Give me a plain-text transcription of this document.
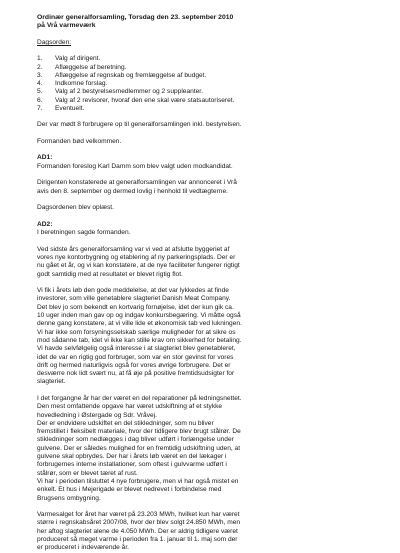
Ordinær generalforsamling, Torsdag den 23. september 2010

på Vrå varmeværk

Dagsorden:

1.	Valg af dirigent.
2.	Aflæggelse af beretning.
3.	Aflæggelse af regnskab og fremlæggelse af budget.
4.	Indkomne forslag.
5.	Valg af 2 bestyrelsesmedlemmer og 2 suppleanter.
6.	Valg af 2 revisorer, hvoraf den ene skal være statsautoriseret.
7.	Eventuelt.

Der var mødt 8 forbrugere op til generalforsamlingen inkl. bestyrelsen.

Formanden bød velkommen.

AD1:

Formanden foreslog Karl Damm som blev valgt uden modkandidat.

Dirigenten konstaterede at generalforsamlingen var annonceret i Vrå

avis den 8. september og dermed lovlig i henhold til vedtægterne.

Dagsordenen blev oplæst.

AD2:

I beretningen sagde formanden.

Ved sidste års generalforsamling var vi ved at afslutte byggeriet af

vores nye kontorbygning og etablering af ny parkeringsplads. Der er

nu gået et år, og vi kan konstatere, at de nye faciliteter fungerer rigtigt

godt samtidig med at resultatet er blevet rigtig flot.

Vi fik i årets løb den gode meddelelse, at det var lykkedes at finde

investorer, som ville genetablere slagteriet Danish Meat Company.

Det blev jo som bekendt en kortvarig fornøjelse, idet der kun gik ca.

10 uger inden man gav op og indgav konkursbegæring. Vi måtte også

denne gang konstatere, at vi ville lide et økonomisk tab ved lukningen.

Vi har ikke som forsyningsselskab særlige muligheder for at sikre os

mod sådanne tab, idet vi ikke kan stille krav om sikkerhed for betaling.

Vi havde selvfølgelig også interesse i at slagteriet blev genetableret,

idet de var en rigtig god forbruger, som var en stor gevinst for vores

drift og hermed naturligvis også for vores øvrige forbrugere. Det er

desværre nok lidt svært nu, at få øje på positive fremtidsudsigter for

slagteriet.

I det forgangne år har der været en del reparationer på ledningsnettet.

Den mest omfattende opgave har været udskiftning af et stykke

hovedledning i Østergade og Sdr. Vråvej.

Der er endvidere udskiftet en del stikledninger, som nu bliver

fremstillet i fleksibelt materiale, hvor der tidligere blev brugt stålrør. De

stikledninger som nedlægges i dag bliver udført i forlængelse under

gulvene. Der er således mulighed for en fremtidig udskiftning uden, at

gulvene skal opbrydes. Der har i årets løb været en del lækager i

forbrugernes interne installationer, som oftest i gulvvarme udført i

stålrør, som er blevet tæret af rust.

Vi har i perioden tilsluttet 4 nye forbrugere, men vi har også mistet en

enkelt. Et hus i Mejerigade er blevet nedrevet i forbindelse med

Brugsens ombygning.

Varmesalget for året har været på 23.203 MWh, hvilket kun har været

større i regnskabsåret 2007/08, hvor der blev solgt 24.850 MWh, men

her aftog slagteriet alene de 4.050 MWh. Der er aldrig tidligere været

produceret så meget varme i perioden fra 1. januar til 1. maj som der

er produceret i indeværende år.
